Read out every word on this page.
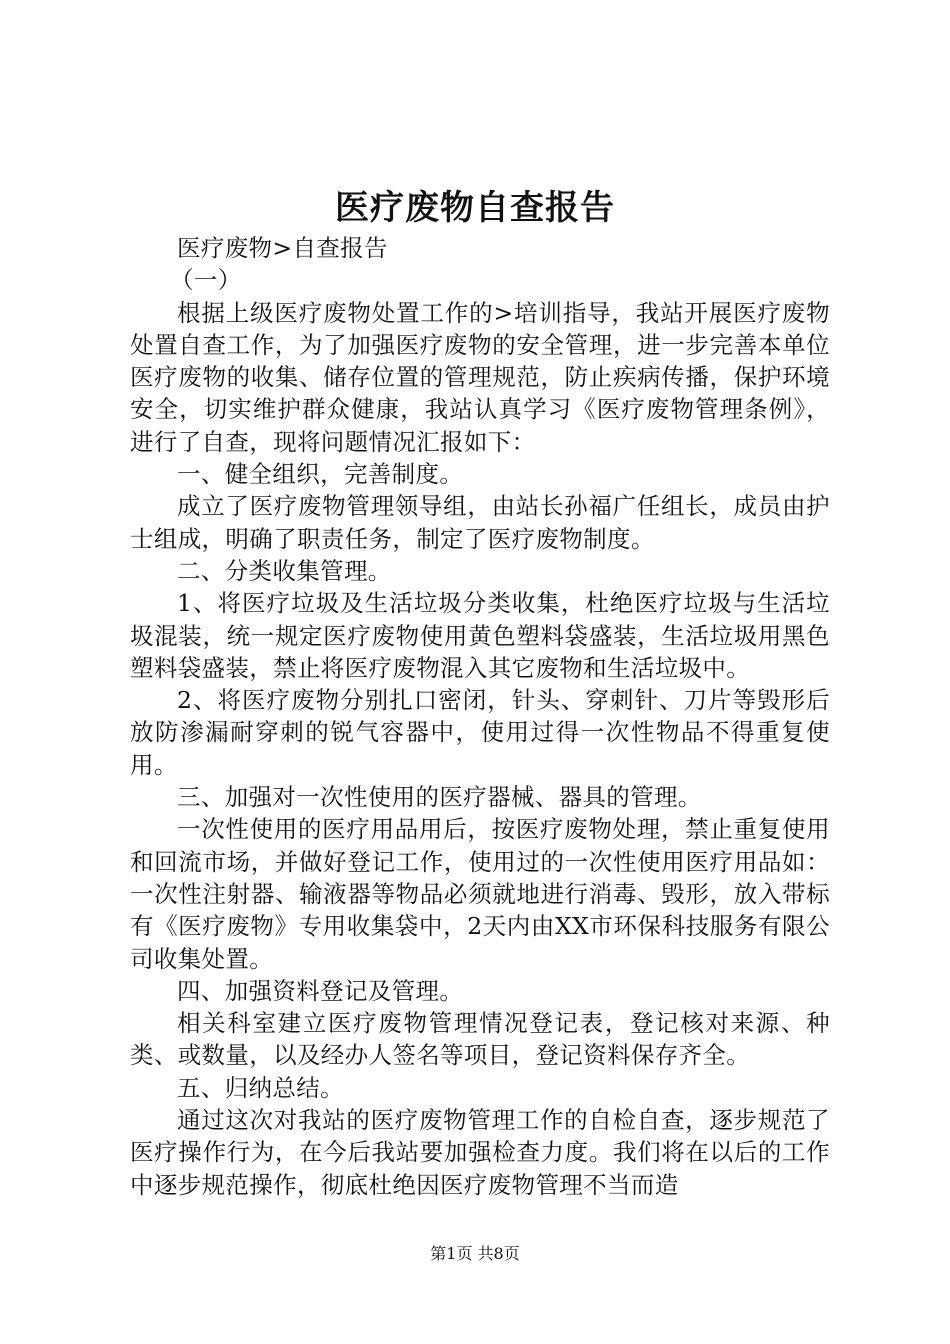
医疗废物自查报告

医疗废物>自查报告

（一）

根据上级医疗废物处置工作的>培训指导，我站开展医疗废物处置自查工作，为了加强医疗废物的安全管理，进一步完善本单位医疗废物的收集、储存位置的管理规范，防止疾病传播，保护环境安全，切实维护群众健康，我站认真学习《医疗废物管理条例》，进行了自查，现将问题情况汇报如下：

一、健全组织，完善制度。

成立了医疗废物管理领导组，由站长孙福广任组长，成员由护士组成，明确了职责任务，制定了医疗废物制度。

二、分类收集管理。

1、将医疗垃圾及生活垃圾分类收集，杜绝医疗垃圾与生活垃圾混装，统一规定医疗废物使用黄色塑料袋盛装，生活垃圾用黑色塑料袋盛装，禁止将医疗废物混入其它废物和生活垃圾中。

2、将医疗废物分别扎口密闭，针头、穿刺针、刀片等毁形后放防渗漏耐穿刺的锐气容器中，使用过得一次性物品不得重复使用。

三、加强对一次性使用的医疗器械、器具的管理。

一次性使用的医疗用品用后，按医疗废物处理，禁止重复使用和回流市场，并做好登记工作，使用过的一次性使用医疗用品如：一次性注射器、输液器等物品必须就地进行消毒、毁形，放入带标有《医疗废物》专用收集袋中，2天内由XX市环保科技服务有限公司收集处置。

四、加强资料登记及管理。

相关科室建立医疗废物管理情况登记表，登记核对来源、种类、或数量，以及经办人签名等项目，登记资料保存齐全。

五、归纳总结。

通过这次对我站的医疗废物管理工作的自检自查，逐步规范了医疗操作行为，在今后我站要加强检查力度。我们将在以后的工作中逐步规范操作，彻底杜绝因医疗废物管理不当而造

第1页 共8页
